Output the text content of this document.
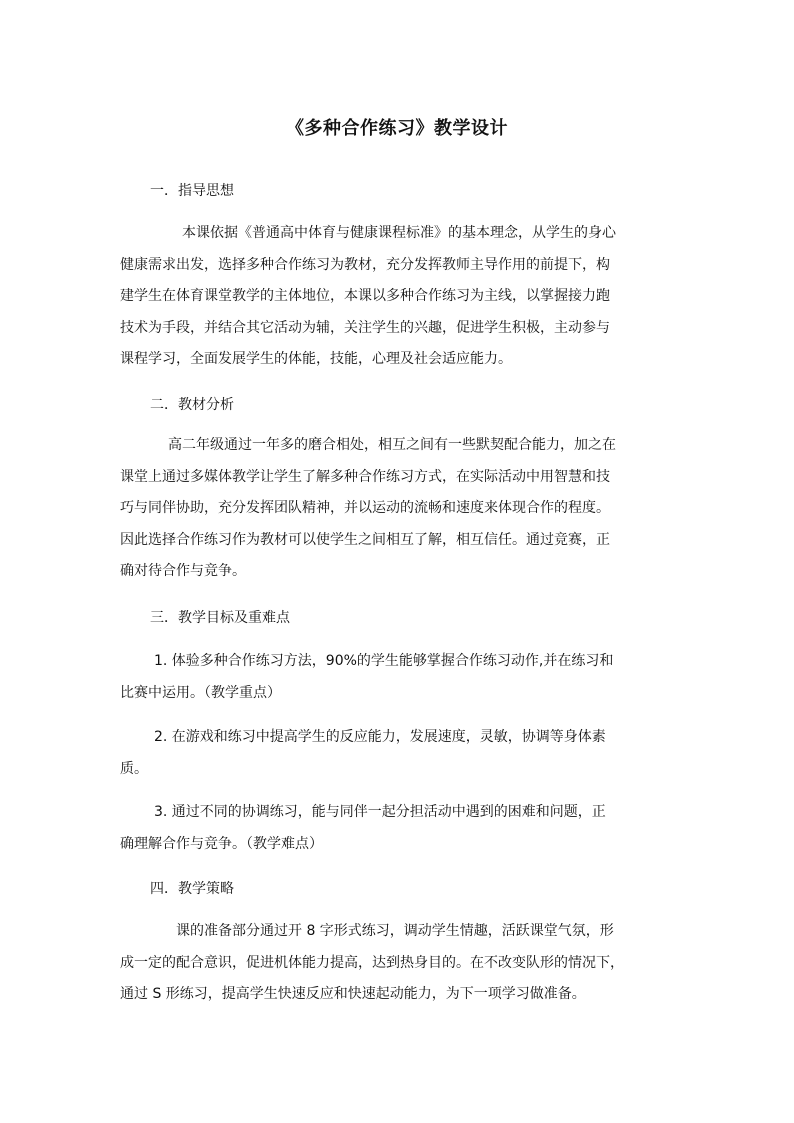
《多种合作练习》教学设计
一．指导思想
本课依据《普通高中体育与健康课程标准》的基本理念，从学生的身心
健康需求出发，选择多种合作练习为教材，充分发挥教师主导作用的前提下，构
建学生在体育课堂教学的主体地位，本课以多种合作练习为主线，以掌握接力跑
技术为手段，并结合其它活动为辅，关注学生的兴趣，促进学生积极，主动参与
课程学习，全面发展学生的体能，技能，心理及社会适应能力。
二．教材分析
高二年级通过一年多的磨合相处，相互之间有一些默契配合能力，加之在
课堂上通过多媒体教学让学生了解多种合作练习方式，在实际活动中用智慧和技
巧与同伴协助，充分发挥团队精神，并以运动的流畅和速度来体现合作的程度。
因此选择合作练习作为教材可以使学生之间相互了解，相互信任。通过竞赛，正
确对待合作与竞争。
三．教学目标及重难点
1. 体验多种合作练习方法，90%的学生能够掌握合作练习动作,并在练习和
比赛中运用。（教学重点）
2. 在游戏和练习中提高学生的反应能力，发展速度，灵敏，协调等身体素
质。
3. 通过不同的协调练习，能与同伴一起分担活动中遇到的困难和问题，正
确理解合作与竞争。（教学难点）
四．教学策略
课的准备部分通过开 8 字形式练习，调动学生情趣，活跃课堂气氛，形
成一定的配合意识，促进机体能力提高，达到热身目的。在不改变队形的情况下，
通过 S 形练习，提高学生快速反应和快速起动能力，为下一项学习做准备。
